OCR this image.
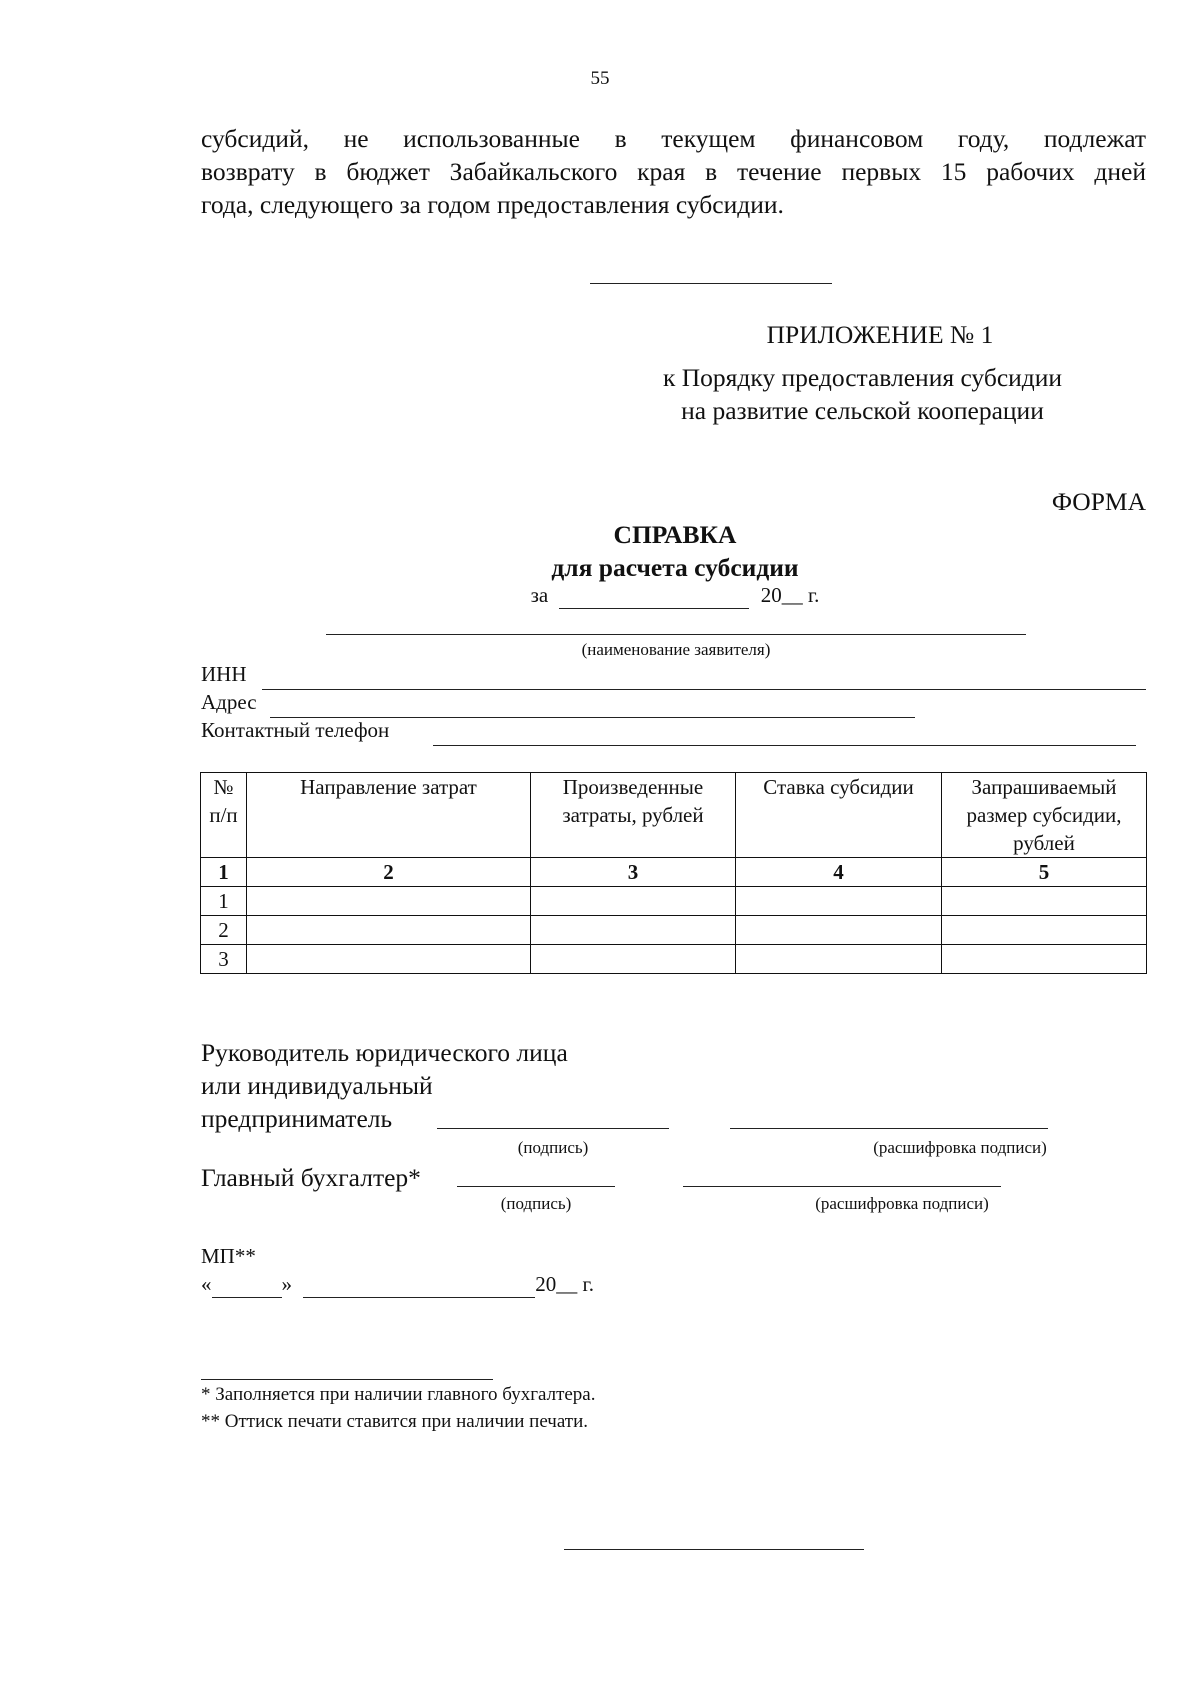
55
субсидий, не использованные в текущем финансовом году, подлежат
возврату в бюджет Забайкальского края в течение первых 15 рабочих дней
года, следующего за годом предоставления субсидии.
ПРИЛОЖЕНИЕ № 1
к Порядку предоставления субсидии
на развитие сельской кооперации
ФОРМА
СПРАВКА
для расчета субсидии
за	20__ г.
(наименование заявителя)
ИНН
Адрес
Контактный телефон
№ п/п	Направление затрат	Произведенные затраты, рублей	Ставка субсидии	Запрашиваемый размер субсидии, рублей
1	2	3	4	5
1				
2				
3				
Руководитель юридического лица
или индивидуальный
предприниматель
(подпись)	(расшифровка подписи)
Главный бухгалтер*
(подпись)	(расшифровка подписи)
МП**
«	»	20__ г.
* Заполняется при наличии главного бухгалтера.
** Оттиск печати ставится при наличии печати.
